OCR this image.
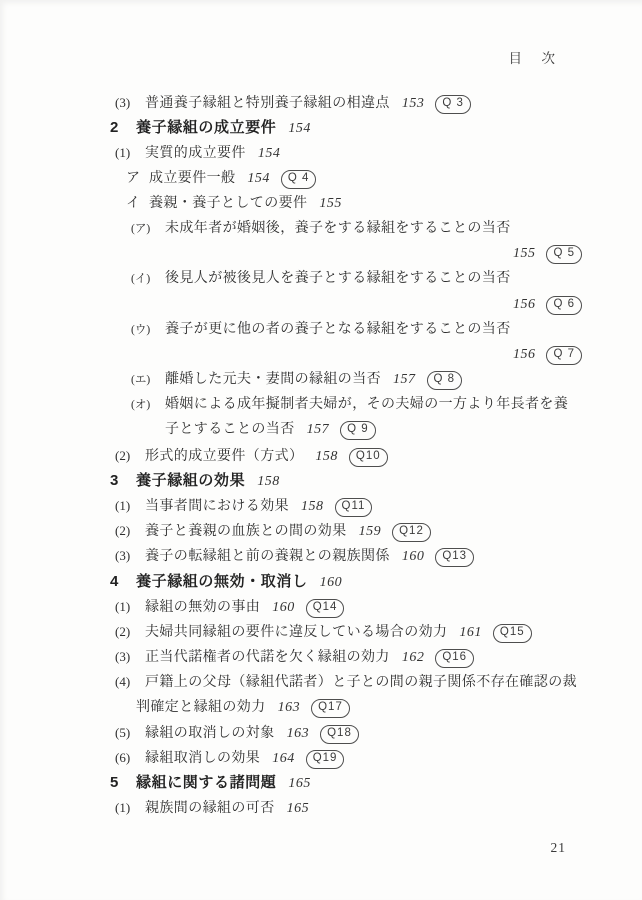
目　次
(3) 普通養子縁組と特別養子縁組の相違点 153 Q 3
2 養子縁組の成立要件 154
(1) 実質的成立要件 154
ア 成立要件一般 154 Q 4
イ 養親・養子としての要件 155
(ア) 未成年者が婚姻後，養子をする縁組をすることの当否
155 Q 5
(イ) 後見人が被後見人を養子とする縁組をすることの当否
156 Q 6
(ウ) 養子が更に他の者の養子となる縁組をすることの当否
156 Q 7
(エ) 離婚した元夫・妻間の縁組の当否 157 Q 8
(オ) 婚姻による成年擬制者夫婦が，その夫婦の一方より年長者を養
子とすることの当否 157 Q 9
(2) 形式的成立要件（方式） 158 Q10
3 養子縁組の効果 158
(1) 当事者間における効果 158 Q11
(2) 養子と養親の血族との間の効果 159 Q12
(3) 養子の転縁組と前の養親との親族関係 160 Q13
4 養子縁組の無効・取消し 160
(1) 縁組の無効の事由 160 Q14
(2) 夫婦共同縁組の要件に違反している場合の効力 161 Q15
(3) 正当代諾権者の代諾を欠く縁組の効力 162 Q16
(4) 戸籍上の父母（縁組代諾者）と子との間の親子関係不存在確認の裁
判確定と縁組の効力 163 Q17
(5) 縁組の取消しの対象 163 Q18
(6) 縁組取消しの効果 164 Q19
5 縁組に関する諸問題 165
(1) 親族間の縁組の可否 165
21
